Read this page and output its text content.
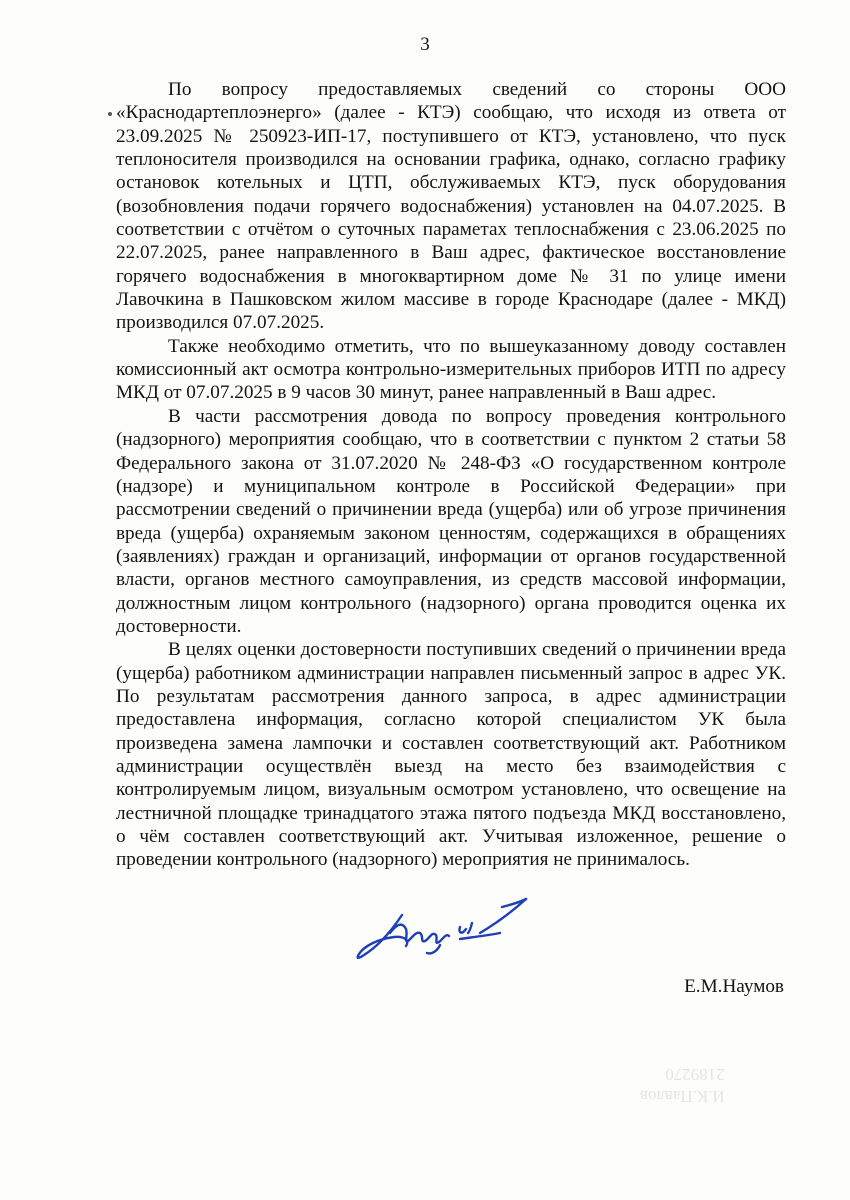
3

По вопросу предоставляемых сведений со стороны ООО «Краснодартеплоэнерго» (далее - КТЭ) сообщаю, что исходя из ответа от 23.09.2025 № 250923-ИП-17, поступившего от КТЭ, установлено, что пуск теплоносителя производился на основании графика, однако, согласно графику остановок котельных и ЦТП, обслуживаемых КТЭ, пуск оборудования (возобновления подачи горячего водоснабжения) установлен на 04.07.2025. В соответствии с отчётом о суточных параметах теплоснабжения с 23.06.2025 по 22.07.2025, ранее направленного в Ваш адрес, фактическое восстановление горячего водоснабжения в многоквартирном доме № 31 по улице имени Лавочкина в Пашковском жилом массиве в городе Краснодаре (далее - МКД) производился 07.07.2025.

Также необходимо отметить, что по вышеуказанному доводу составлен комиссионный акт осмотра контрольно-измерительных приборов ИТП по адресу МКД от 07.07.2025 в 9 часов 30 минут, ранее направленный в Ваш адрес.

В части рассмотрения довода по вопросу проведения контрольного (надзорного) мероприятия сообщаю, что в соответствии с пунктом 2 статьи 58 Федерального закона от 31.07.2020 № 248-ФЗ «О государственном контроле (надзоре) и муниципальном контроле в Российской Федерации» при рассмотрении сведений о причинении вреда (ущерба) или об угрозе причинения вреда (ущерба) охраняемым законом ценностям, содержащихся в обращениях (заявлениях) граждан и организаций, информации от органов государственной власти, органов местного самоуправления, из средств массовой информации, должностным лицом контрольного (надзорного) органа проводится оценка их достоверности.

В целях оценки достоверности поступивших сведений о причинении вреда (ущерба) работником администрации направлен письменный запрос в адрес УК. По результатам рассмотрения данного запроса, в адрес администрации предоставлена информация, согласно которой специалистом УК была произведена замена лампочки и составлен соответствующий акт. Работником администрации осуществлён выезд на место без взаимодействия с контролируемым лицом, визуальным осмотром установлено, что освещение на лестничной площадке тринадцатого этажа пятого подъезда МКД восстановлено, о чём составлен соответствующий акт. Учитывая изложенное, решение о проведении контрольного (надзорного) мероприятия не принималось.

Е.М.Наумов
И.К.Павлов
2189270
